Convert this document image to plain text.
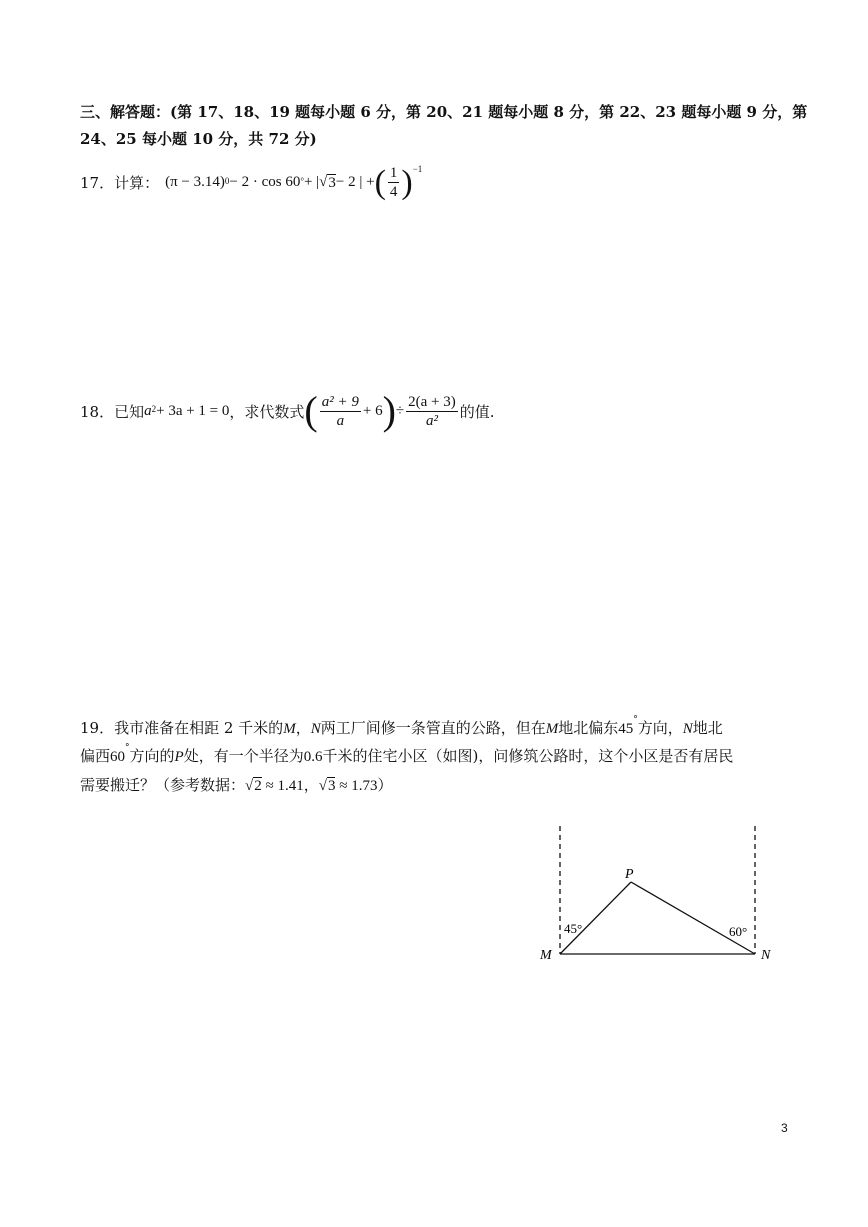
三、解答题：(第 17、18、19 题每小题 6 分，第 20、21 题每小题 8 分，第 22、23 题每小题 9 分，第
24、25 每小题 10 分，共 72 分)
17． 计算： $(\pi - 3.14)^0 - 2 \cdot \cos 60^\circ$ + | √ 3 − 2 | + ( $\frac{1}{4} )^{-1}$
18． 已知 $a^2 + 3a + 1 = 0$ ，求代数式 ( $\frac{\text{a² + 9}}{a} + 6$ ) ÷ $\frac{2(a + 3)}{\text{a²}}$ 的值.
19．我市准备在相距 2 千米的M，N两工厂间修一条管直的公路，但在M地北偏东45°方向，N地北
偏西60°方向的P处，有一个半径为0.6千米的住宅小区（如图)，问修筑公路时，这个小区是否有居民
需要搬迁？（参考数据：√2 ≈ 1.41，√3 ≈ 1.73）
P
M	N
45°	60°
3
